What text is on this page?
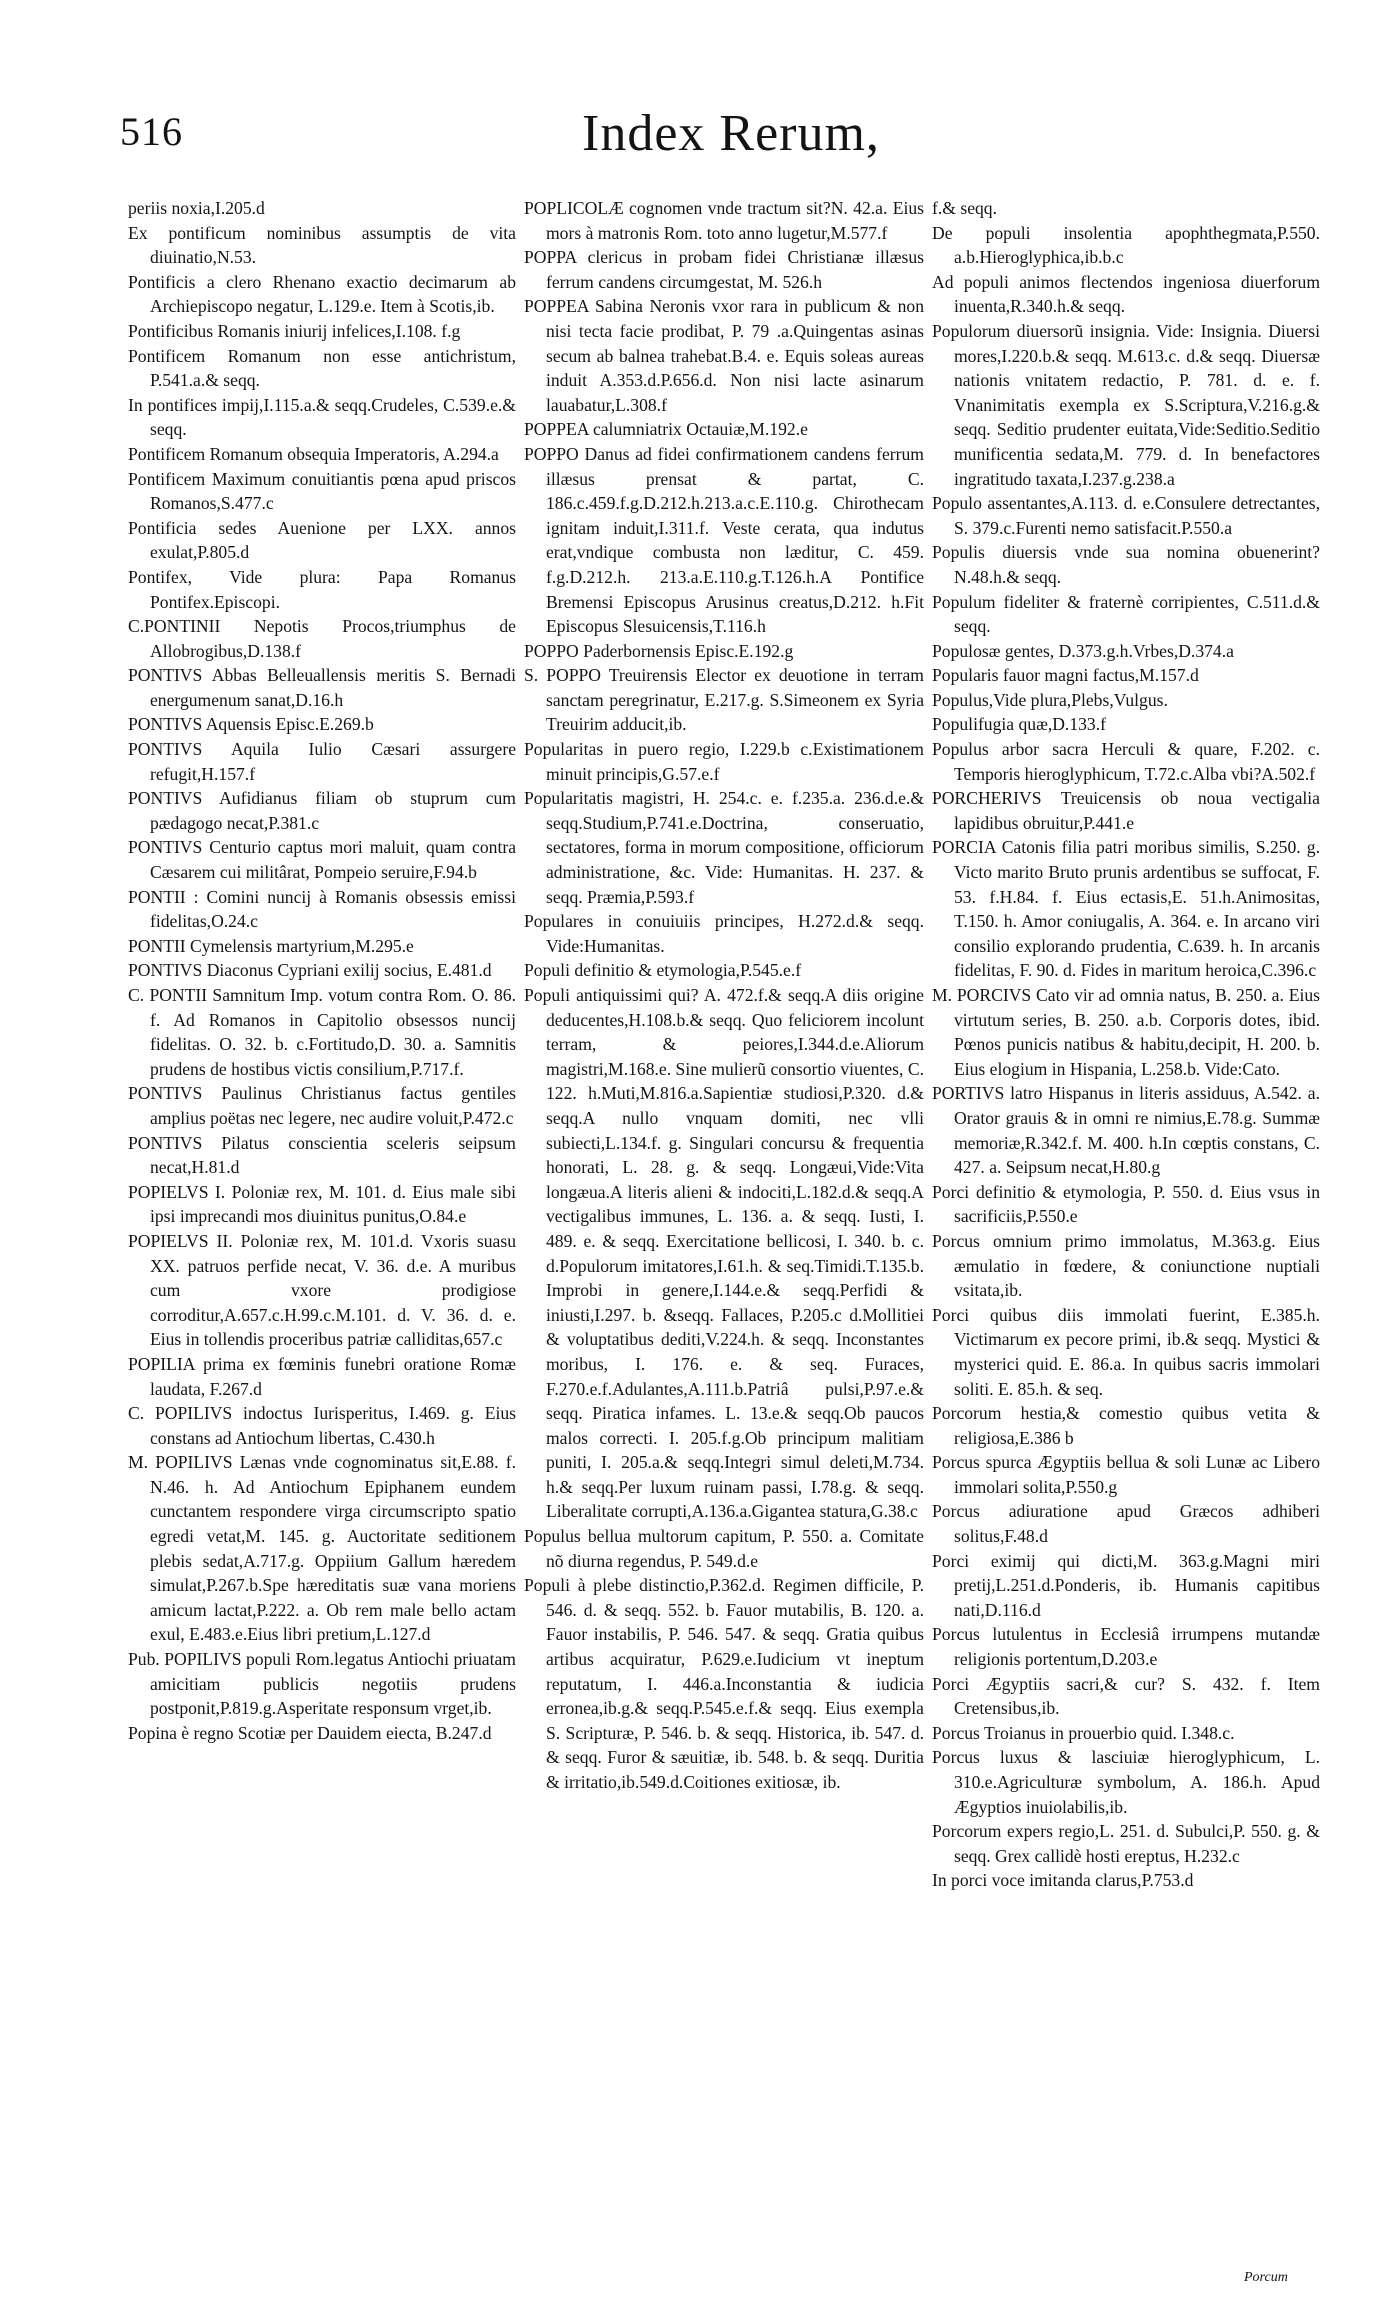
516	Index Rerum,

periis noxia,I.205.d

Ex pontificum nominibus assumptis de vita diuinatio,N.53.

Pontificis a clero Rhenano exactio decimarum ab Archiepiscopo negatur, L.129.e. Item à Scotis,ib.

Pontificibus Romanis iniurij infelices,I.108. f.g

Pontificem Romanum non esse antichristum, P.541.a.& seqq.

In pontifices impij,I.115.a.& seqq.Crudeles, C.539.e.& seqq.

Pontificem Romanum obsequia Imperatoris, A.294.a

Pontificem Maximum conuitiantis pœna apud priscos Romanos,S.477.c

Pontificia sedes Auenione per LXX. annos exulat,P.805.d

Pontifex, Vide plura: Papa Romanus Pontifex.Episcopi.

C.PONTINII Nepotis Procos,triumphus de Allobrogibus,D.138.f

PONTIVS Abbas Belleuallensis meritis S. Bernadi energumenum sanat,D.16.h

PONTIVS Aquensis Episc.E.269.b

PONTIVS Aquila Iulio Cæsari assurgere refugit,H.157.f

PONTIVS Aufidianus filiam ob stuprum cum pædagogo necat,P.381.c

PONTIVS Centurio captus mori maluit, quam contra Cæsarem cui militârat, Pompeio seruire,F.94.b

PONTII : Comini nuncij à Romanis obsessis emissi fidelitas,O.24.c

PONTII Cymelensis martyrium,M.295.e

PONTIVS Diaconus Cypriani exilij socius, E.481.d

C. PONTII Samnitum Imp. votum contra Rom. O. 86. f. Ad Romanos in Capitolio obsessos nuncij fidelitas. O. 32. b. c.Fortitudo,D. 30. a. Samnitis prudens de hostibus victis consilium,P.717.f.

PONTIVS Paulinus Christianus factus gentiles amplius poëtas nec legere, nec audire voluit,P.472.c

PONTIVS Pilatus conscientia sceleris seipsum necat,H.81.d

POPIELVS I. Poloniæ rex, M. 101. d. Eius male sibi ipsi imprecandi mos diuinitus punitus,O.84.e

POPIELVS II. Poloniæ rex, M. 101.d. Vxoris suasu XX. patruos perfide necat, V. 36. d.e. A muribus cum vxore prodigiose corroditur,A.657.c.H.99.c.M.101. d. V. 36. d. e. Eius in tollendis proceribus patriæ calliditas,657.c

POPILIA prima ex fœminis funebri oratione Romæ laudata, F.267.d

C. POPILIVS indoctus Iurisperitus, I.469. g. Eius constans ad Antiochum libertas, C.430.h

M. POPILIVS Lænas vnde cognominatus sit,E.88. f. N.46. h. Ad Antiochum Epiphanem eundem cunctantem respondere virga circumscripto spatio egredi vetat,M. 145. g. Auctoritate seditionem plebis sedat,A.717.g. Oppiium Gallum hæredem simulat,P.267.b.Spe hæreditatis suæ vana moriens amicum lactat,P.222. a. Ob rem male bello actam exul, E.483.e.Eius libri pretium,L.127.d

Pub. POPILIVS populi Rom.legatus Antiochi priuatam amicitiam publicis negotiis prudens postponit,P.819.g.Asperitate responsum vrget,ib.

Popina è regno Scotiæ per Dauidem eiecta, B.247.d

POPLICOLÆ cognomen vnde tractum sit?N. 42.a. Eius mors à matronis Rom. toto anno lugetur,M.577.f

POPPA clericus in probam fidei Christianæ illæsus ferrum candens circumgestat, M. 526.h

POPPEA Sabina Neronis vxor rara in publicum & non nisi tecta facie prodibat, P. 79 .a.Quingentas asinas secum ab balnea trahebat.B.4. e. Equis soleas aureas induit A.353.d.P.656.d. Non nisi lacte asinarum lauabatur,L.308.f

POPPEA calumniatrix Octauiæ,M.192.e

POPPO Danus ad fidei confirmationem candens ferrum illæsus prensat & partat, C. 186.c.459.f.g.D.212.h.213.a.c.E.110.g. Chirothecam ignitam induit,I.311.f. Veste cerata, qua indutus erat,vndique combusta non læditur, C. 459. f.g.D.212.h. 213.a.E.110.g.T.126.h.A Pontifice Bremensi Episcopus Arusinus creatus,D.212. h.Fit Episcopus Slesuicensis,T.116.h

POPPO Paderbornensis Episc.E.192.g

S. POPPO Treuirensis Elector ex deuotione in terram sanctam peregrinatur, E.217.g. S.Simeonem ex Syria Treuirim adducit,ib.

Popularitas in puero regio, I.229.b c.Existimationem minuit principis,G.57.e.f

Popularitatis magistri, H. 254.c. e. f.235.a. 236.d.e.& seqq.Studium,P.741.e.Doctrina, conseruatio, sectatores, forma in morum compositione, officiorum administratione, &c. Vide: Humanitas. H. 237. & seqq. Præmia,P.593.f

Populares in conuiuiis principes, H.272.d.& seqq. Vide:Humanitas.

Populi definitio & etymologia,P.545.e.f

Populi antiquissimi qui? A. 472.f.& seqq.A diis origine deducentes,H.108.b.& seqq. Quo feliciorem incolunt terram, & peiores,I.344.d.e.Aliorum magistri,M.168.e. Sine mulierũ consortio viuentes, C. 122. h.Muti,M.816.a.Sapientiæ studiosi,P.320. d.& seqq.A nullo vnquam domiti, nec vlli subiecti,L.134.f. g. Singulari concursu & frequentia honorati, L. 28. g. & seqq. Longæui,Vide:Vita longæua.A literis alieni & indociti,L.182.d.& seqq.A vectigalibus immunes, L. 136. a. & seqq. Iusti, I. 489. e. & seqq. Exercitatione bellicosi, I. 340. b. c. d.Populorum imitatores,I.61.h. & seq.Timidi.T.135.b. Improbi in genere,I.144.e.& seqq.Perfidi & iniusti,I.297. b. &seqq. Fallaces, P.205.c d.Mollitiei & voluptatibus dediti,V.224.h. & seqq. Inconstantes moribus, I. 176. e. & seq. Furaces, F.270.e.f.Adulantes,A.111.b.Patriâ pulsi,P.97.e.& seqq. Piratica infames. L. 13.e.& seqq.Ob paucos malos correcti. I. 205.f.g.Ob principum malitiam puniti, I. 205.a.& seqq.Integri simul deleti,M.734. h.& seqq.Per luxum ruinam passi, I.78.g. & seqq. Liberalitate corrupti,A.136.a.Gigantea statura,G.38.c

Populus bellua multorum capitum, P. 550. a. Comitate nõ diurna regendus, P. 549.d.e

Populi à plebe distinctio,P.362.d. Regimen difficile, P. 546. d. & seqq. 552. b. Fauor mutabilis, B. 120. a. Fauor instabilis, P. 546. 547. & seqq. Gratia quibus artibus acquiratur, P.629.e.Iudicium vt ineptum reputatum, I. 446.a.Inconstantia & iudicia erronea,ib.g.& seqq.P.545.e.f.& seqq. Eius exempla S. Scripturæ, P. 546. b. & seqq. Historica, ib. 547. d. & seqq. Furor & sæuitiæ, ib. 548. b. & seqq. Duritia & irritatio,ib.549.d.Coitiones exitiosæ, ib.

f.& seqq.

De populi insolentia apophthegmata,P.550. a.b.Hieroglyphica,ib.b.c

Ad populi animos flectendos ingeniosa diuerforum inuenta,R.340.h.& seqq.

Populorum diuersorũ insignia. Vide: Insignia. Diuersi mores,I.220.b.& seqq. M.613.c. d.& seqq. Diuersæ nationis vnitatem redactio, P. 781. d. e. f. Vnanimitatis exempla ex S.Scriptura,V.216.g.& seqq. Seditio prudenter euitata,Vide:Seditio.Seditio munificentia sedata,M. 779. d. In benefactores ingratitudo taxata,I.237.g.238.a

Populo assentantes,A.113. d. e.Consulere detrectantes, S. 379.c.Furenti nemo satisfacit.P.550.a

Populis diuersis vnde sua nomina obuenerint? N.48.h.& seqq.

Populum fideliter & fraternè corripientes, C.511.d.& seqq.

Populosæ gentes, D.373.g.h.Vrbes,D.374.a

Popularis fauor magni factus,M.157.d

Populus,Vide plura,Plebs,Vulgus.

Populifugia quæ,D.133.f

Populus arbor sacra Herculi & quare, F.202. c. Temporis hieroglyphicum, T.72.c.Alba vbi?A.502.f

PORCHERIVS Treuicensis ob noua vectigalia lapidibus obruitur,P.441.e

PORCIA Catonis filia patri moribus similis, S.250. g. Victo marito Bruto prunis ardentibus se suffocat, F. 53. f.H.84. f. Eius ectasis,E. 51.h.Animositas, T.150. h. Amor coniugalis, A. 364. e. In arcano viri consilio explorando prudentia, C.639. h. In arcanis fidelitas, F. 90. d. Fides in maritum heroica,C.396.c

M. PORCIVS Cato vir ad omnia natus, B. 250. a. Eius virtutum series, B. 250. a.b. Corporis dotes, ibid. Pœnos punicis natibus & habitu,decipit, H. 200. b. Eius elogium in Hispania, L.258.b. Vide:Cato.

PORTIVS latro Hispanus in literis assiduus, A.542. a. Orator grauis & in omni re nimius,E.78.g. Summæ memoriæ,R.342.f. M. 400. h.In cœptis constans, C. 427. a. Seipsum necat,H.80.g

Porci definitio & etymologia, P. 550. d. Eius vsus in sacrificiis,P.550.e

Porcus omnium primo immolatus, M.363.g. Eius æmulatio in fœdere, & coniunctione nuptiali vsitata,ib.

Porci quibus diis immolati fuerint, E.385.h. Victimarum ex pecore primi, ib.& seqq. Mystici & mysterici quid. E. 86.a. In quibus sacris immolari soliti. E. 85.h. & seq.

Porcorum hestia,& comestio quibus vetita & religiosa,E.386 b

Porcus spurca Ægyptiis bellua & soli Lunæ ac Libero immolari solita,P.550.g

Porcus adiuratione apud Græcos adhiberi solitus,F.48.d

Porci eximij qui dicti,M. 363.g.Magni miri pretij,L.251.d.Ponderis, ib. Humanis capitibus nati,D.116.d

Porcus lutulentus in Ecclesiâ irrumpens mutandæ religionis portentum,D.203.e

Porci Ægyptiis sacri,& cur? S. 432. f. Item Cretensibus,ib.

Porcus Troianus in prouerbio quid. I.348.c.

Porcus luxus & lasciuiæ hieroglyphicum, L. 310.e.Agriculturæ symbolum, A. 186.h. Apud Ægyptios inuiolabilis,ib.

Porcorum expers regio,L. 251. d. Subulci,P. 550. g. & seqq. Grex callidè hosti ereptus, H.232.c

In porci voce imitanda clarus,P.753.d

Porcum
